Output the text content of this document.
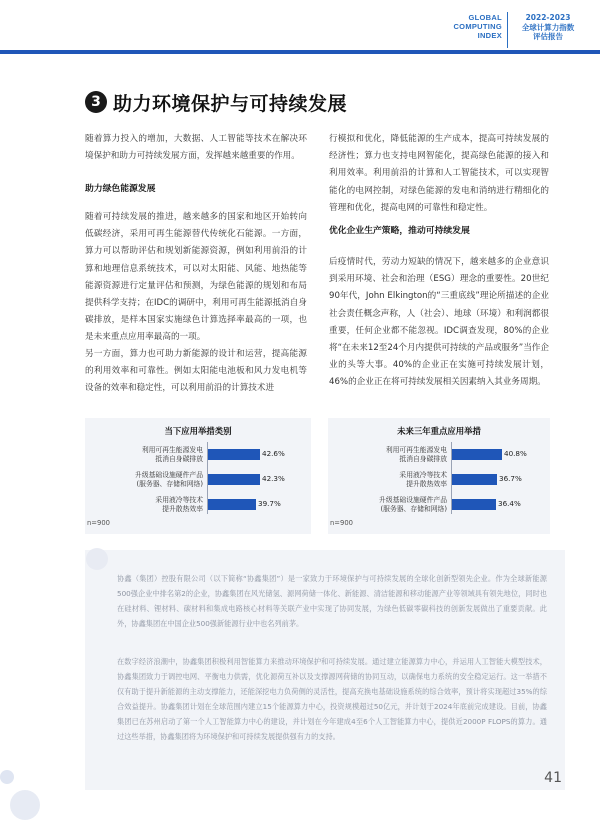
GLOBAL
COMPUTING
INDEX
2022-2023
全球计算力指数
评估报告
3 助力环境保护与可持续发展
随着算力投入的增加，大数据、人工智能等技术在解决环境保护和助力可持续发展方面，发挥越来越重要的作用。
助力绿色能源发展
随着可持续发展的推进，越来越多的国家和地区开始转向低碳经济，采用可再生能源替代传统化石能源。一方面，算力可以帮助评估和规划新能源资源，例如利用前沿的计算和地理信息系统技术，可以对太阳能、风能、地热能等能源资源进行定量评估和预测，为绿色能源的规划和布局提供科学支持；在IDC的调研中，利用可再生能源抵消自身碳排放，是样本国家实施绿色计算选择率最高的一项，也是未来重点应用率最高的一项。
另一方面，算力也可助力新能源的设计和运营，提高能源的利用效率和可靠性。例如太阳能电池板和风力发电机等设备的效率和稳定性，可以利用前沿的计算技术进
行模拟和优化，降低能源的生产成本，提高可持续发展的经济性；算力也支持电网智能化，提高绿色能源的接入和利用效率。利用前沿的计算和人工智能技术，可以实现智能化的电网控制，对绿色能源的发电和消纳进行精细化的管理和优化，提高电网的可靠性和稳定性。
优化企业生产策略，推动可持续发展
后疫情时代，劳动力短缺的情况下，越来越多的企业意识到采用环境、社会和治理（ESG）理念的重要性。20世纪90年代，John Elkington的“三重底线”理论所描述的企业社会责任概念声称，人（社会）、地球（环境）和利润都很重要，任何企业都不能忽视。IDC调查发现，80%的企业将“在未来12至24个月内提供可持续的产品或服务”当作企业的头等大事。40%的企业正在实施可持续发展计划，46%的企业正在将可持续发展相关因素纳入其业务周期。
当下应用举措类别
利用可再生能源发电
抵消自身碳排放
42.6%
升级基础设施硬件产品
(服务器、存储和网络)
42.3%
采用液冷等技术
提升散热效率
39.7%
n=900
未来三年重点应用举措
利用可再生能源发电
抵消自身碳排放
40.8%
采用液冷等技术
提升散热效率
36.7%
升级基础设施硬件产品
(服务器、存储和网络)
36.4%
n=900
协鑫（集团）控股有限公司（以下简称“协鑫集团”）是一家致力于环境保护与可持续发展的全球化创新型领先企业。作为全球新能源500强企业中排名第2的企业，协鑫集团在风光储氢、源网荷储一体化、新能源、清洁能源和移动能源产业等领域具有领先地位，同时也在硅材料、锂材料、碳材料和集成电路核心材料等关联产业中实现了协同发展，为绿色低碳零碳科技的创新发展做出了重要贡献。此外，协鑫集团在中国企业500强新能源行业中也名列前茅。
在数字经济浪潮中，协鑫集团积极利用智能算力来推动环境保护和可持续发展。通过建立能源算力中心，并运用人工智能大模型技术，协鑫集团致力于调控电网、平衡电力供需，优化源荷互补以及支撑源网荷储的协同互动，以确保电力系统的安全稳定运行。这一举措不仅有助于提升新能源的主动支撑能力，还能深挖电力负荷侧的灵活性，提高充换电基础设施系统的综合效率，预计将实现超过35%的综合效益提升。协鑫集团计划在全球范围内建立15个能源算力中心，投资规模超过50亿元，并计划于2024年底前完成建设。目前，协鑫集团已在苏州启动了第一个人工智能算力中心的建设，并计划在今年建成4至6个人工智能算力中心，提供近2000P FLOPS的算力。通过这些举措，协鑫集团将为环境保护和可持续发展提供强有力的支持。
41
